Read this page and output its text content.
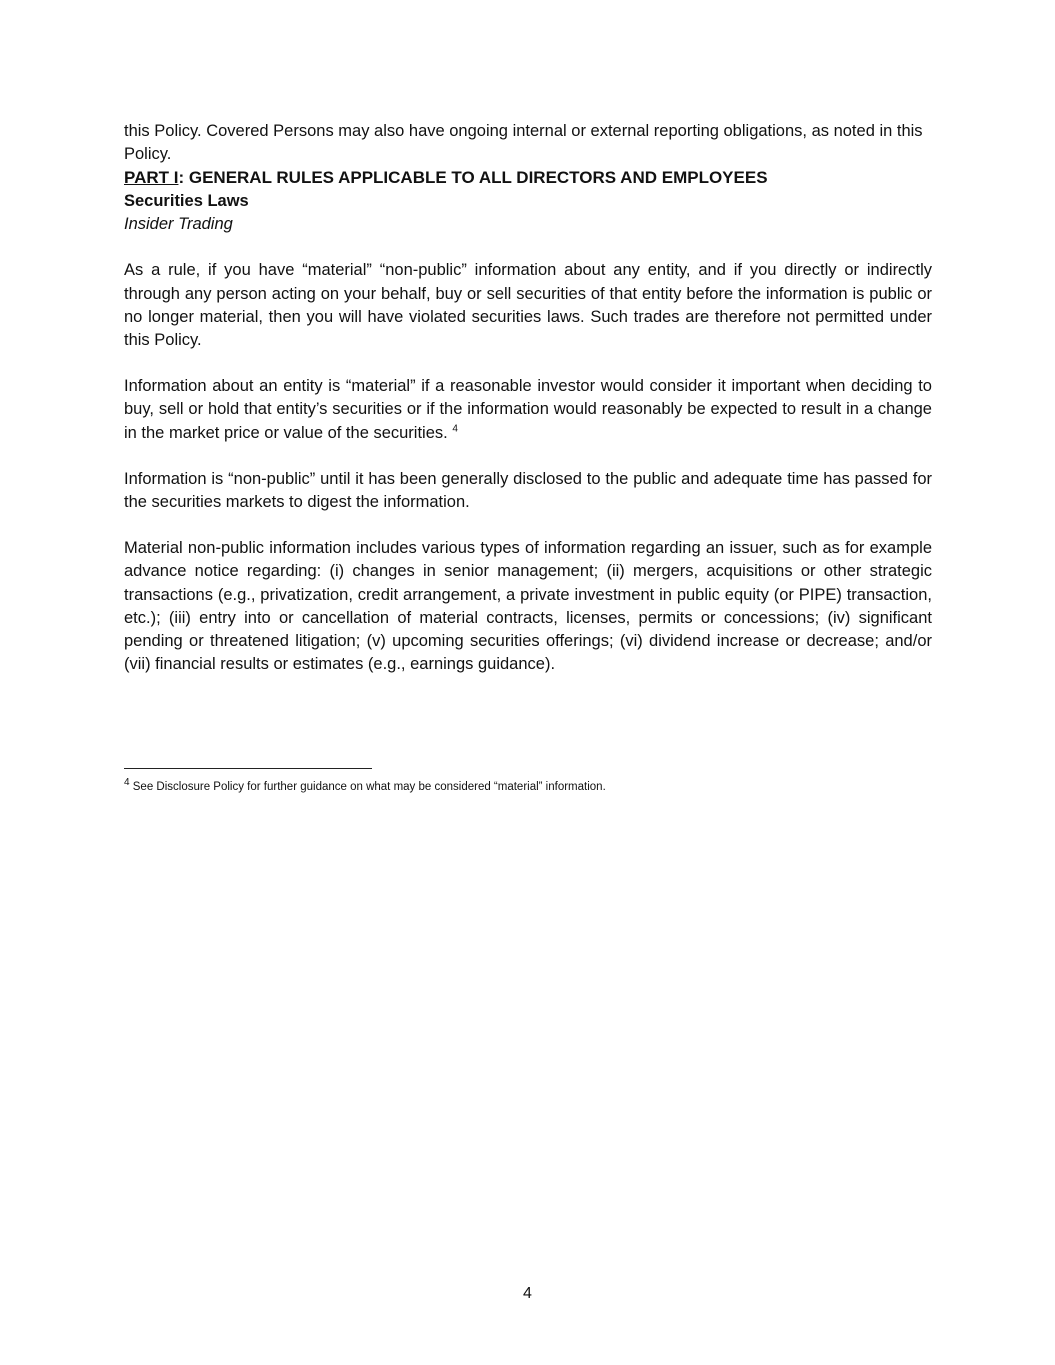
this Policy. Covered Persons may also have ongoing internal or external reporting obligations, as noted in this Policy.

PART I: GENERAL RULES APPLICABLE TO ALL DIRECTORS AND EMPLOYEES

Securities Laws

Insider Trading

As a rule, if you have “material” “non-public” information about any entity, and if you directly or indirectly through any person acting on your behalf, buy or sell securities of that entity before the information is public or no longer material, then you will have violated securities laws. Such trades are therefore not permitted under this Policy.

Information about an entity is “material” if a reasonable investor would consider it important when deciding to buy, sell or hold that entity’s securities or if the information would reasonably be expected to result in a change in the market price or value of the securities. $^4$

Information is “non-public” until it has been generally disclosed to the public and adequate time has passed for the securities markets to digest the information.

Material non-public information includes various types of information regarding an issuer, such as for example advance notice regarding: (i) changes in senior management; (ii) mergers, acquisitions or other strategic transactions (e.g., privatization, credit arrangement, a private investment in public equity (or PIPE) transaction, etc.); (iii) entry into or cancellation of material contracts, licenses, permits or concessions; (iv) significant pending or threatened litigation; (v) upcoming securities offerings; (vi) dividend increase or decrease; and/or (vii) financial results or estimates (e.g., earnings guidance).

$^4$ See Disclosure Policy for further guidance on what may be considered “material” information.

4
